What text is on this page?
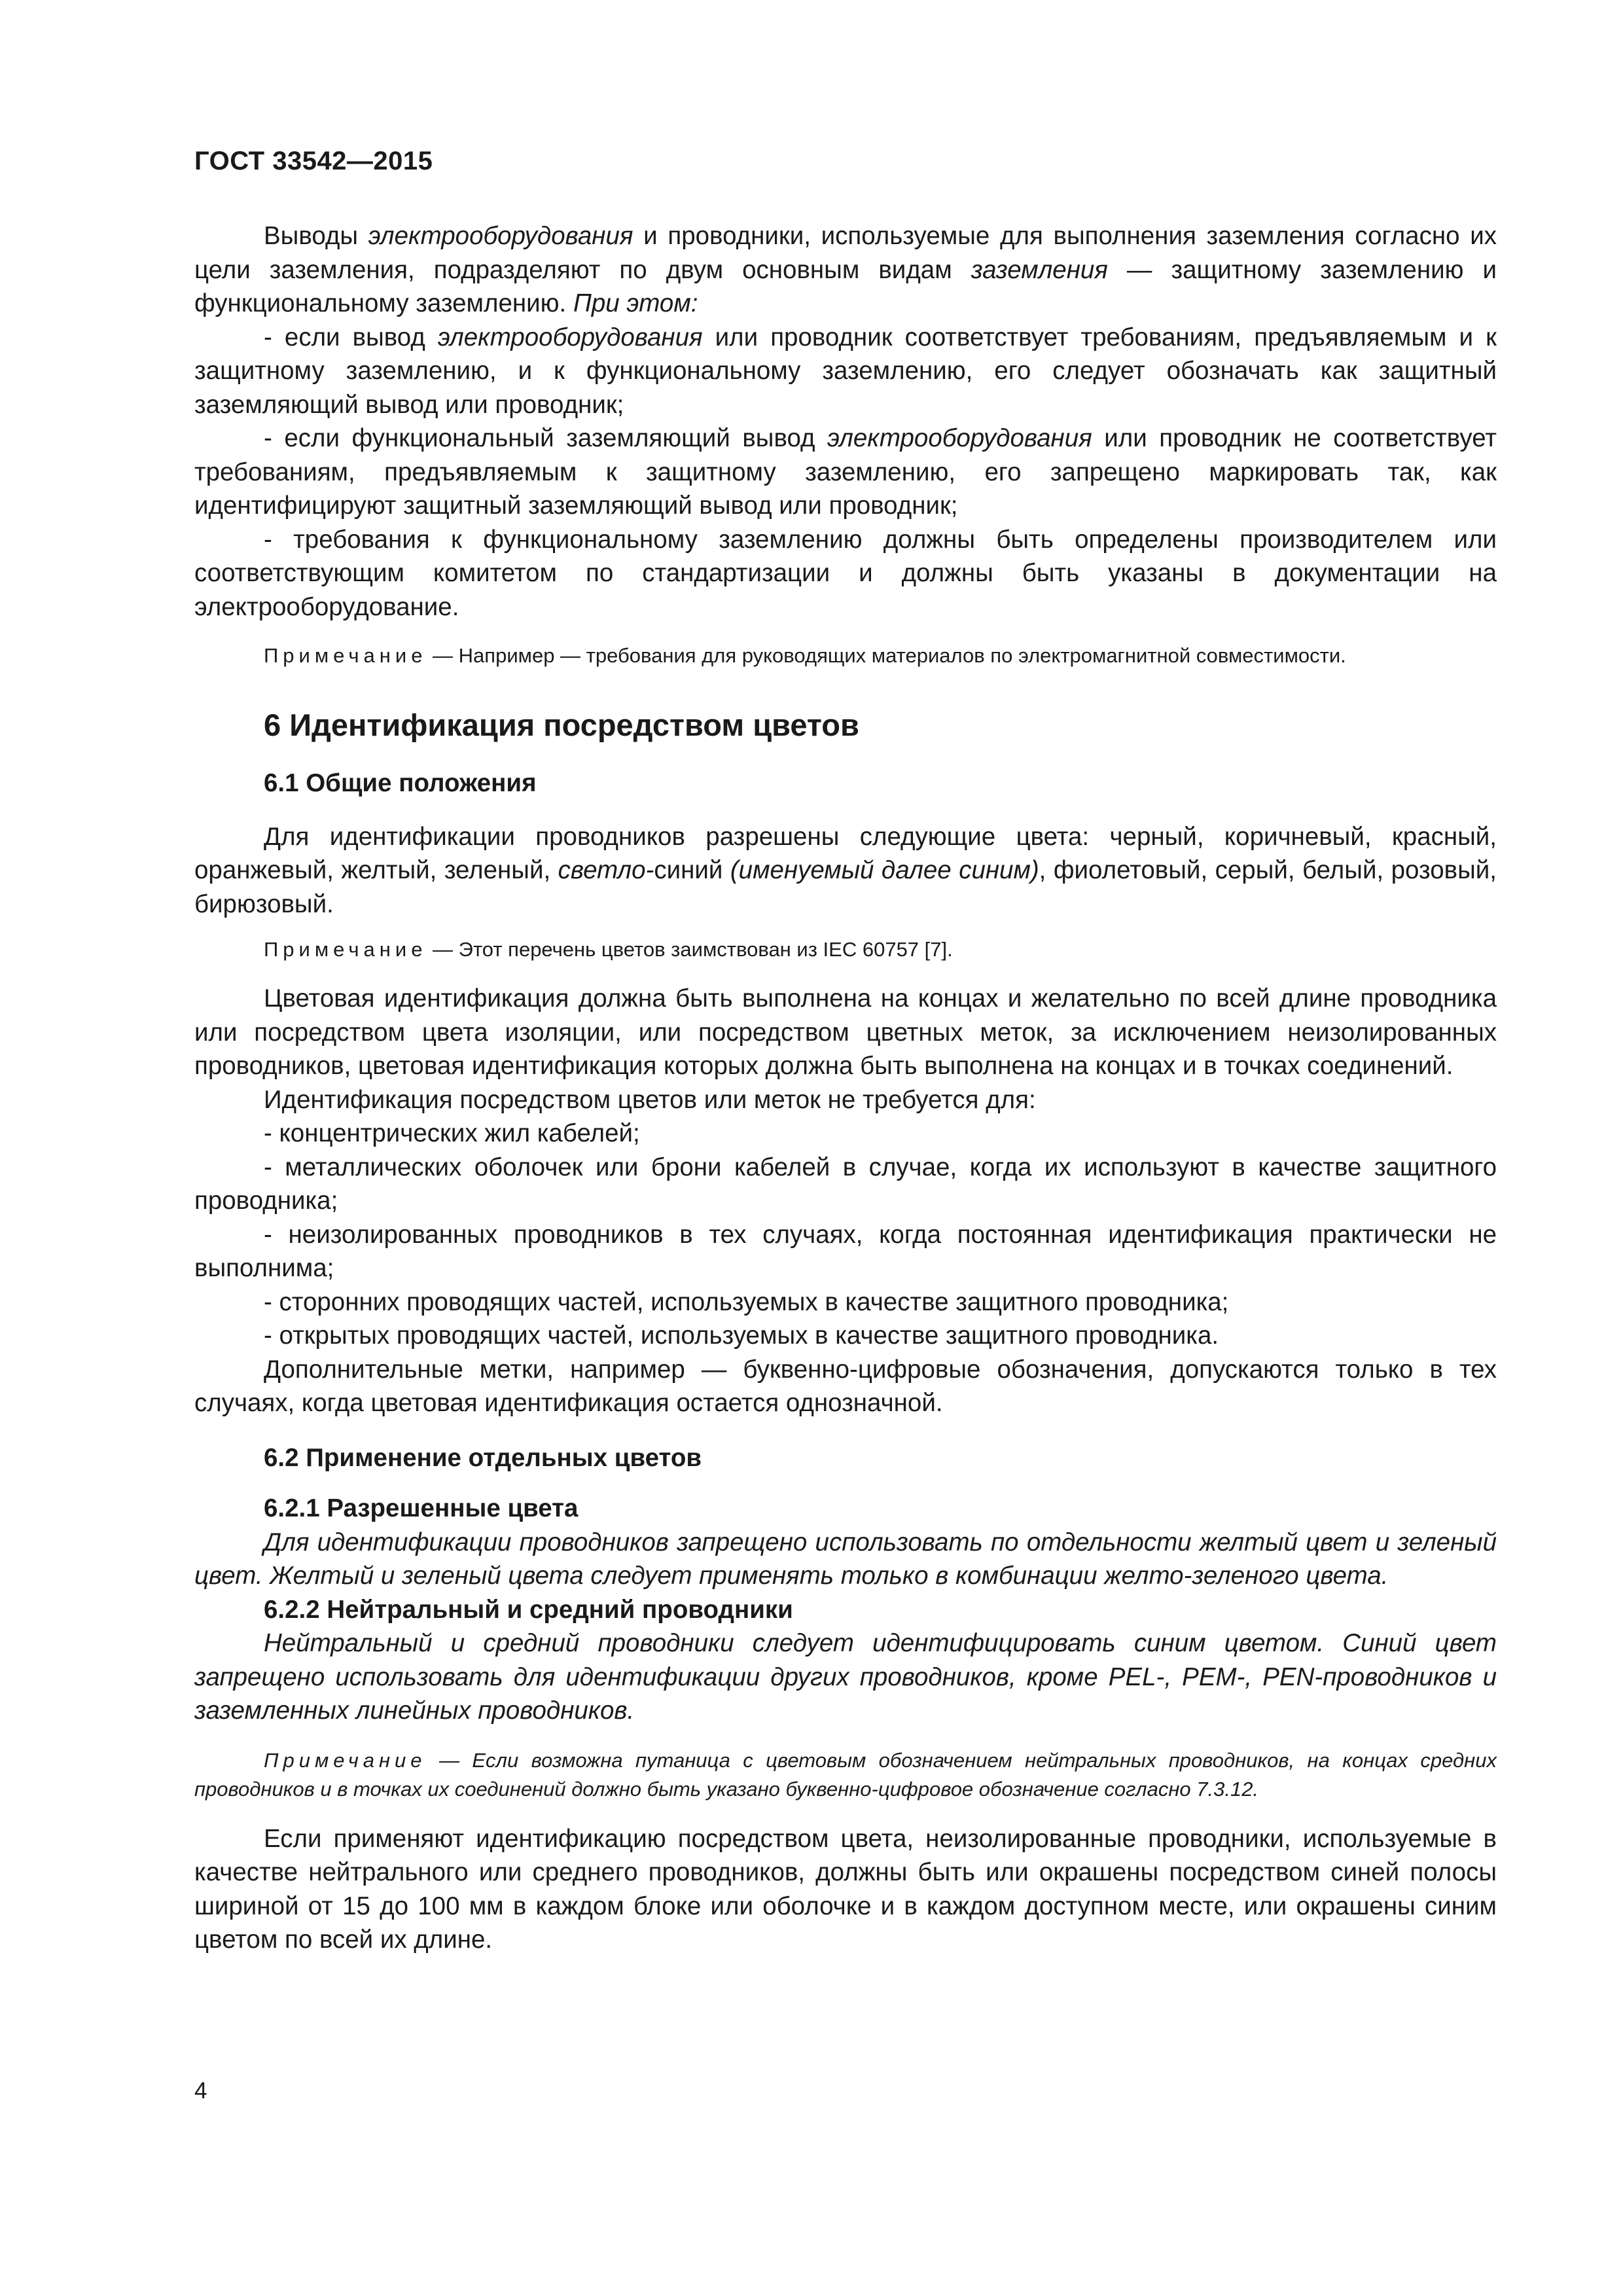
ГОСТ 33542—2015

Выводы электрооборудования и проводники, используемые для выполнения заземления согласно их цели заземления, подразделяют по двум основным видам заземления — защитному заземлению и функциональному заземлению. При этом:

- если вывод электрооборудования или проводник соответствует требованиям, предъявляемым и к защитному заземлению, и к функциональному заземлению, его следует обозначать как защитный заземляющий вывод или проводник;

- если функциональный заземляющий вывод электрооборудования или проводник не соответствует требованиям, предъявляемым к защитному заземлению, его запрещено маркировать так, как идентифицируют защитный заземляющий вывод или проводник;

- требования к функциональному заземлению должны быть определены производителем или соответствующим комитетом по стандартизации и должны быть указаны в документации на электрооборудование.

Примечание — Например — требования для руководящих материалов по электромагнитной совместимости.

6 Идентификация посредством цветов
6.1 Общие положения

Для идентификации проводников разрешены следующие цвета: черный, коричневый, красный, оранжевый, желтый, зеленый, светло-синий (именуемый далее синим), фиолетовый, серый, белый, розовый, бирюзовый.

Примечание — Этот перечень цветов заимствован из IEC 60757 [7].

Цветовая идентификация должна быть выполнена на концах и желательно по всей длине проводника или посредством цвета изоляции, или посредством цветных меток, за исключением неизолированных проводников, цветовая идентификация которых должна быть выполнена на концах и в точках соединений.

Идентификация посредством цветов или меток не требуется для:

- концентрических жил кабелей;

- металлических оболочек или брони кабелей в случае, когда их используют в качестве защитного проводника;

- неизолированных проводников в тех случаях, когда постоянная идентификация практически не выполнима;

- сторонних проводящих частей, используемых в качестве защитного проводника;

- открытых проводящих частей, используемых в качестве защитного проводника.

Дополнительные метки, например — буквенно-цифровые обозначения, допускаются только в тех случаях, когда цветовая идентификация остается однозначной.

6.2 Применение отдельных цветов
6.2.1 Разрешенные цвета

Для идентификации проводников запрещено использовать по отдельности желтый цвет и зеленый цвет. Желтый и зеленый цвета следует применять только в комбинации желто-зеленого цвета.

6.2.2 Нейтральный и средний проводники

Нейтральный и средний проводники следует идентифицировать синим цветом. Синий цвет запрещено использовать для идентификации других проводников, кроме PEL-, PEM-, PEN-проводников и заземленных линейных проводников.

Примечание — Если возможна путаница с цветовым обозначением нейтральных проводников, на концах средних проводников и в точках их соединений должно быть указано буквенно-цифровое обозначение согласно 7.3.12.

Если применяют идентификацию посредством цвета, неизолированные проводники, используемые в качестве нейтрального или среднего проводников, должны быть или окрашены посредством синей полосы шириной от 15 до 100 мм в каждом блоке или оболочке и в каждом доступном месте, или окрашены синим цветом по всей их длине.

4
